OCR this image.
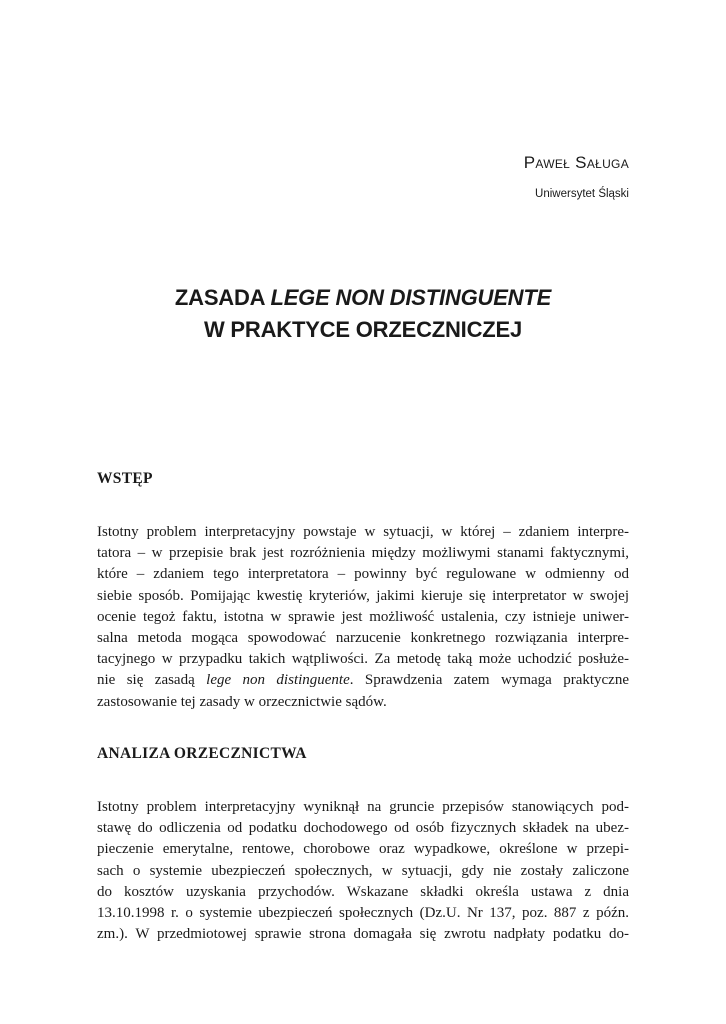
Paweł Saługa
Uniwersytet Śląski
ZASADA LEGE NON DISTINGUENTE
W PRAKTYCE ORZECZNICZEJ
WSTĘP
Istotny problem interpretacyjny powstaje w sytuacji, w której – zdaniem interpre-
tatora – w przepisie brak jest rozróżnienia między możliwymi stanami faktycznymi,
które – zdaniem tego interpretatora – powinny być regulowane w odmienny od
siebie sposób. Pomijając kwestię kryteriów, jakimi kieruje się interpretator w swojej
ocenie tegoż faktu, istotna w sprawie jest możliwość ustalenia, czy istnieje uniwer-
salna metoda mogąca spowodować narzucenie konkretnego rozwiązania interpre-
tacyjnego w przypadku takich wątpliwości. Za metodę taką może uchodzić posłuże-
nie się zasadą lege non distinguente. Sprawdzenia zatem wymaga praktyczne
zastosowanie tej zasady w orzecznictwie sądów.
ANALIZA ORZECZNICTWA
Istotny problem interpretacyjny wyniknął na gruncie przepisów stanowiących pod-
stawę do odliczenia od podatku dochodowego od osób fizycznych składek na ubez-
pieczenie emerytalne, rentowe, chorobowe oraz wypadkowe, określone w przepi-
sach o systemie ubezpieczeń społecznych, w sytuacji, gdy nie zostały zaliczone
do kosztów uzyskania przychodów. Wskazane składki określa ustawa z dnia
13.10.1998 r. o systemie ubezpieczeń społecznych (Dz.U. Nr 137, poz. 887 z późn.
zm.). W przedmiotowej sprawie strona domagała się zwrotu nadpłaty podatku do-
